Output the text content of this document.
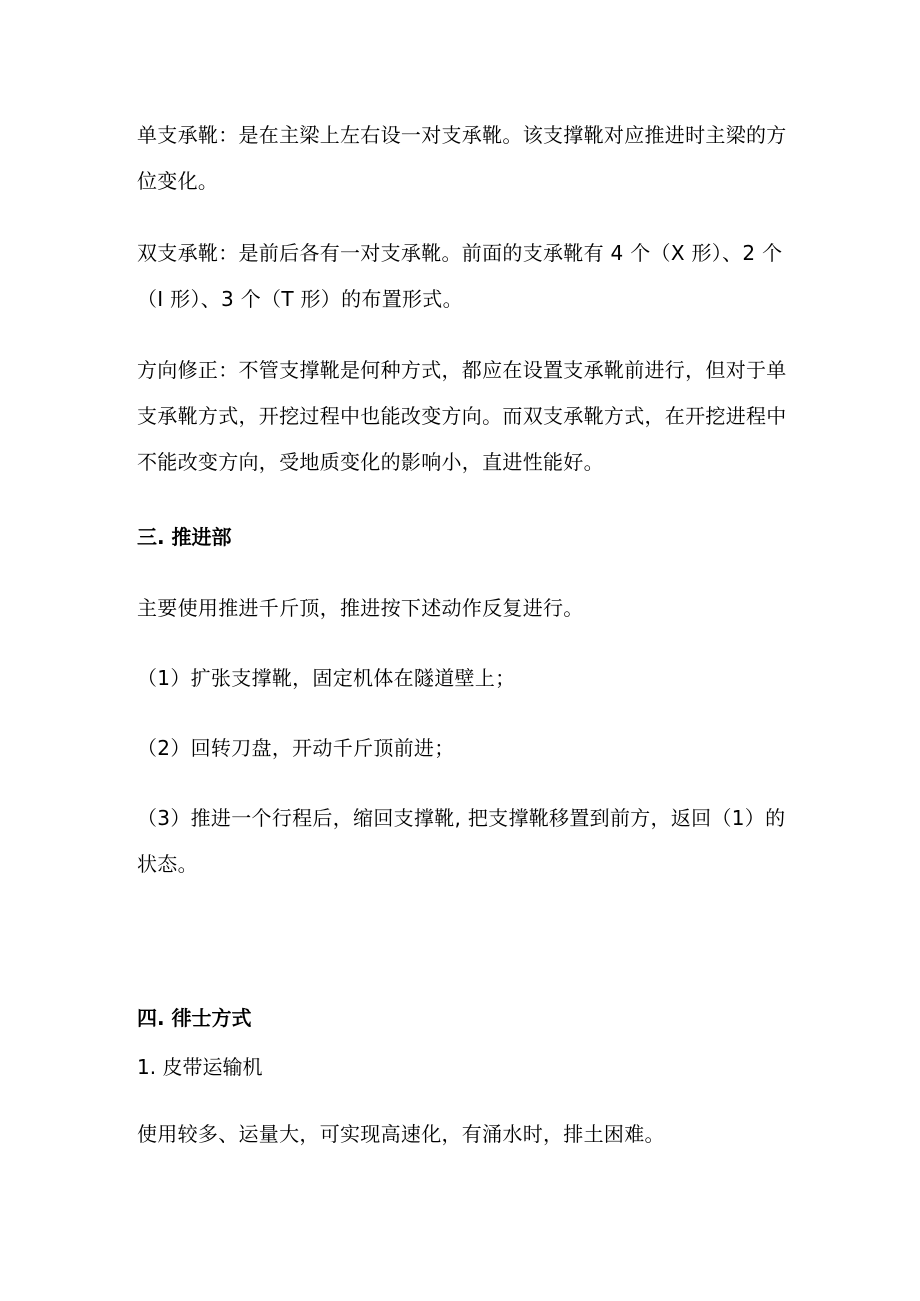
单支承靴：是在主梁上左右设一对支承靴。该支撑靴对应推进时主梁的方位变化。

双支承靴：是前后各有一对支承靴。前面的支承靴有 4 个（X 形）、2 个（I 形）、3 个（T 形）的布置形式。

方向修正：不管支撑靴是何种方式，都应在设置支承靴前进行，但对于单支承靴方式，开挖过程中也能改变方向。而双支承靴方式，在开挖进程中不能改变方向，受地质变化的影响小，直进性能好。

三. 推进部

主要使用推进千斤顶，推进按下述动作反复进行。

（1）扩张支撑靴，固定机体在隧道壁上；

（2）回转刀盘，开动千斤顶前进；

（3）推进一个行程后，缩回支撑靴, 把支撑靴移置到前方，返回（1）的状态。

四. 徘士方式

1. 皮带运输机

使用较多、运量大，可实现高速化，有涌水时，排土困难。
